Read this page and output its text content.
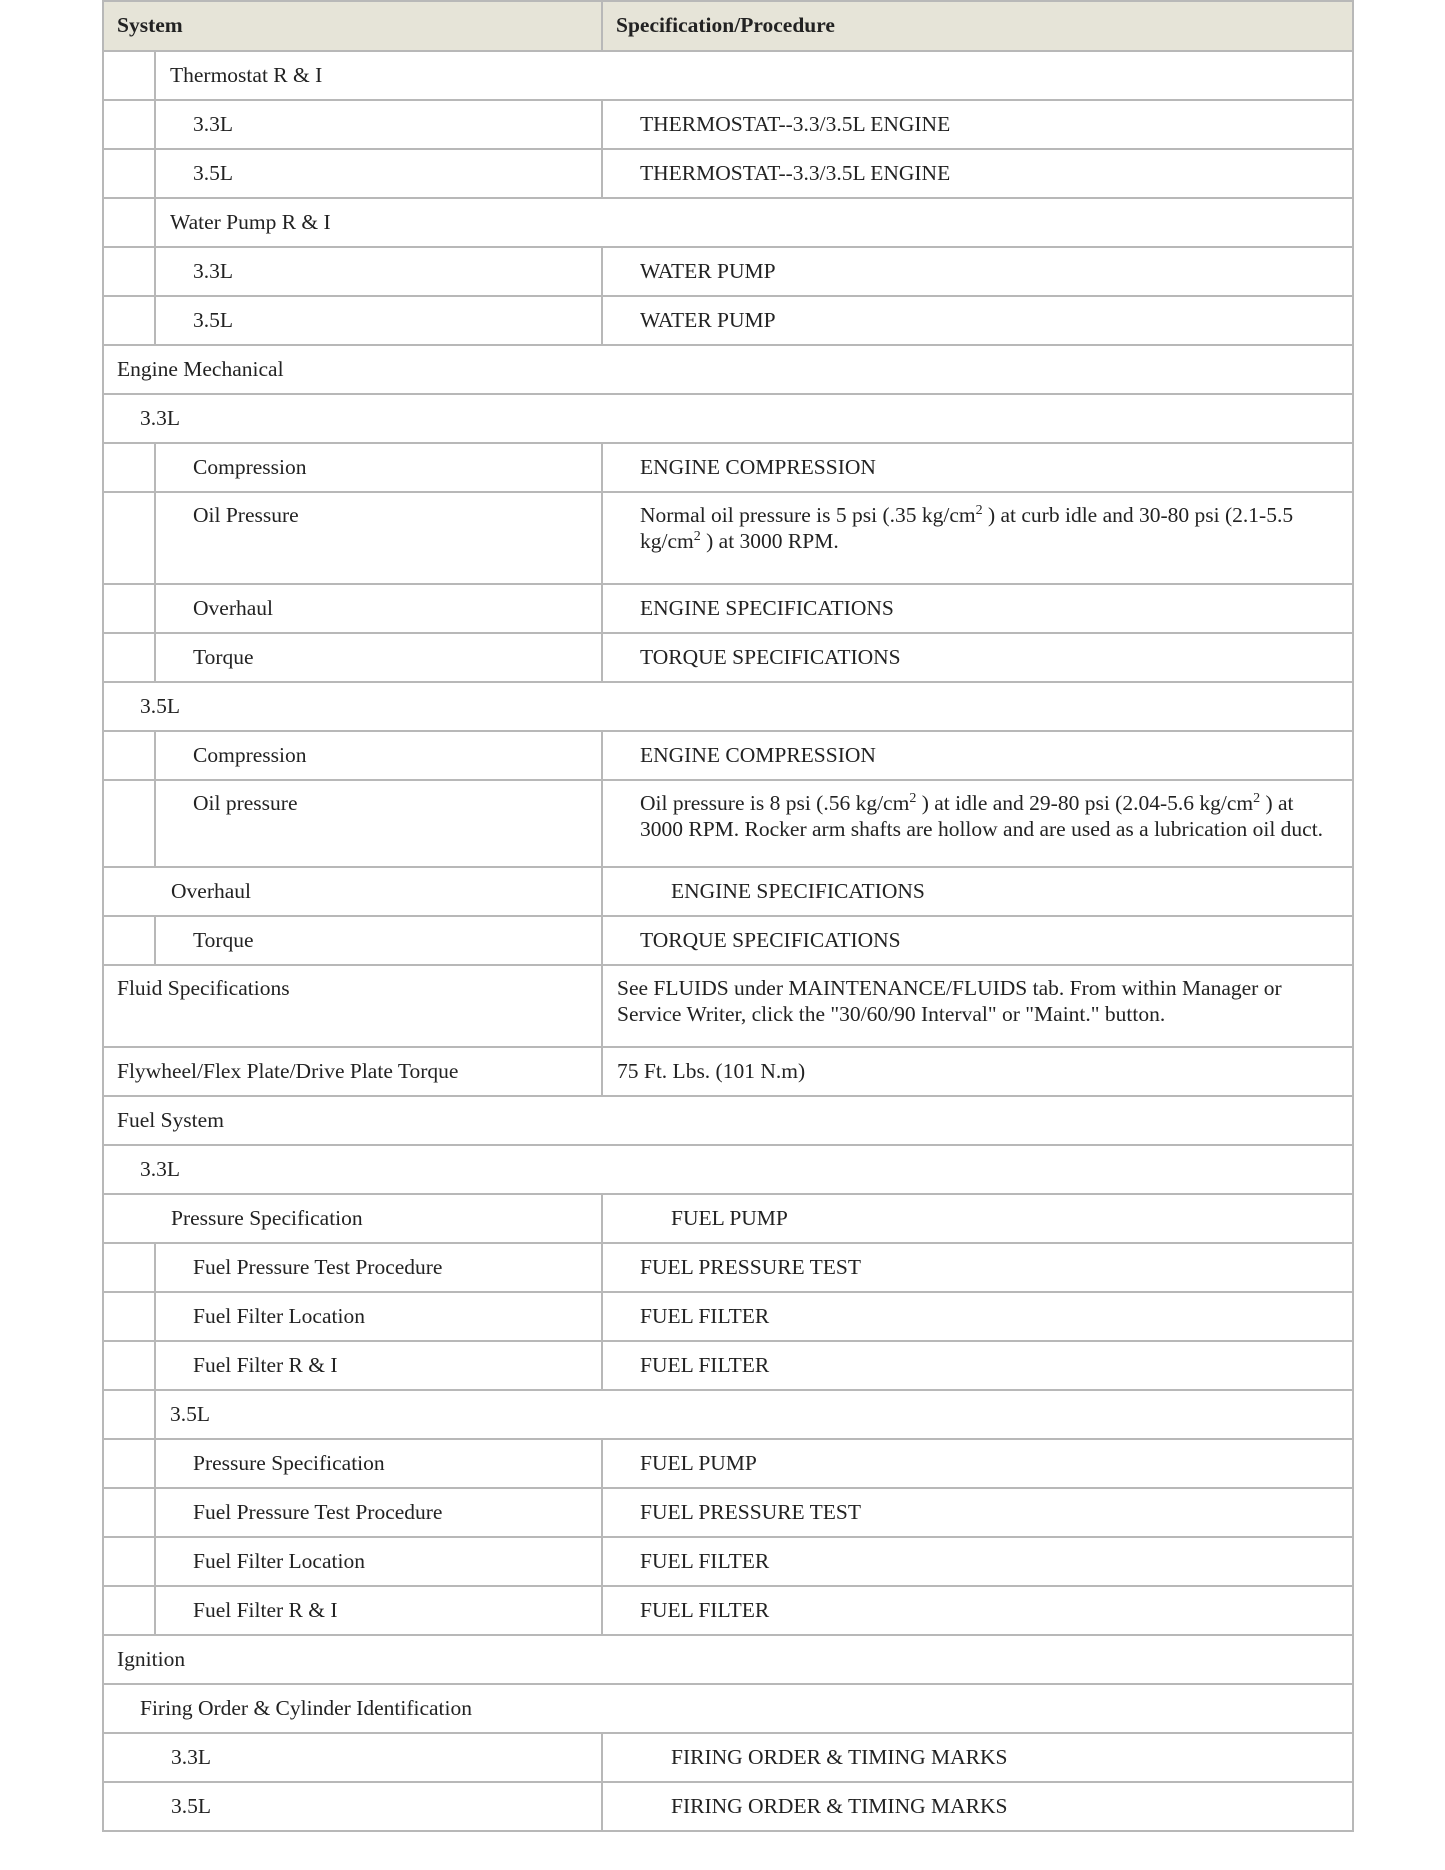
System		Specification/Procedure
	Thermostat R & I	
	3.3L	THERMOSTAT--3.3/3.5L ENGINE
	3.5L	THERMOSTAT--3.3/3.5L ENGINE
	Water Pump R & I	
	3.3L	WATER PUMP
	3.5L	WATER PUMP
Engine Mechanical		
3.3L		
	Compression	ENGINE COMPRESSION
	Oil Pressure	Normal oil pressure is 5 psi (.35 $kg/cm^2$ ) at curb idle and 30-80 psi (2.1-5.5 $kg/cm^2$ ) at 3000 RPM.
	Overhaul	ENGINE SPECIFICATIONS
	Torque	TORQUE SPECIFICATIONS
3.5L		
	Compression	ENGINE COMPRESSION
	Oil pressure	Oil pressure is 8 psi (.56 $kg/cm^2$ ) at idle and 29-80 psi (2.04-5.6 $kg/cm^2$ ) at 3000 RPM. Rocker arm shafts are hollow and are used as a lubrication oil duct.
Overhaul		ENGINE SPECIFICATIONS
	Torque	TORQUE SPECIFICATIONS
Fluid Specifications		See FLUIDS under MAINTENANCE/FLUIDS tab. From within Manager or Service Writer, click the "30/60/90 Interval" or "Maint." button.
Flywheel/Flex Plate/Drive Plate Torque		75 Ft. Lbs. (101 N.m)
Fuel System		
3.3L		
Pressure Specification		FUEL PUMP
	Fuel Pressure Test Procedure	FUEL PRESSURE TEST
	Fuel Filter Location	FUEL FILTER
	Fuel Filter R & I	FUEL FILTER
	3.5L	
	Pressure Specification	FUEL PUMP
	Fuel Pressure Test Procedure	FUEL PRESSURE TEST
	Fuel Filter Location	FUEL FILTER
	Fuel Filter R & I	FUEL FILTER
Ignition		
Firing Order & Cylinder Identification		
3.3L		FIRING ORDER & TIMING MARKS
3.5L		FIRING ORDER & TIMING MARKS
